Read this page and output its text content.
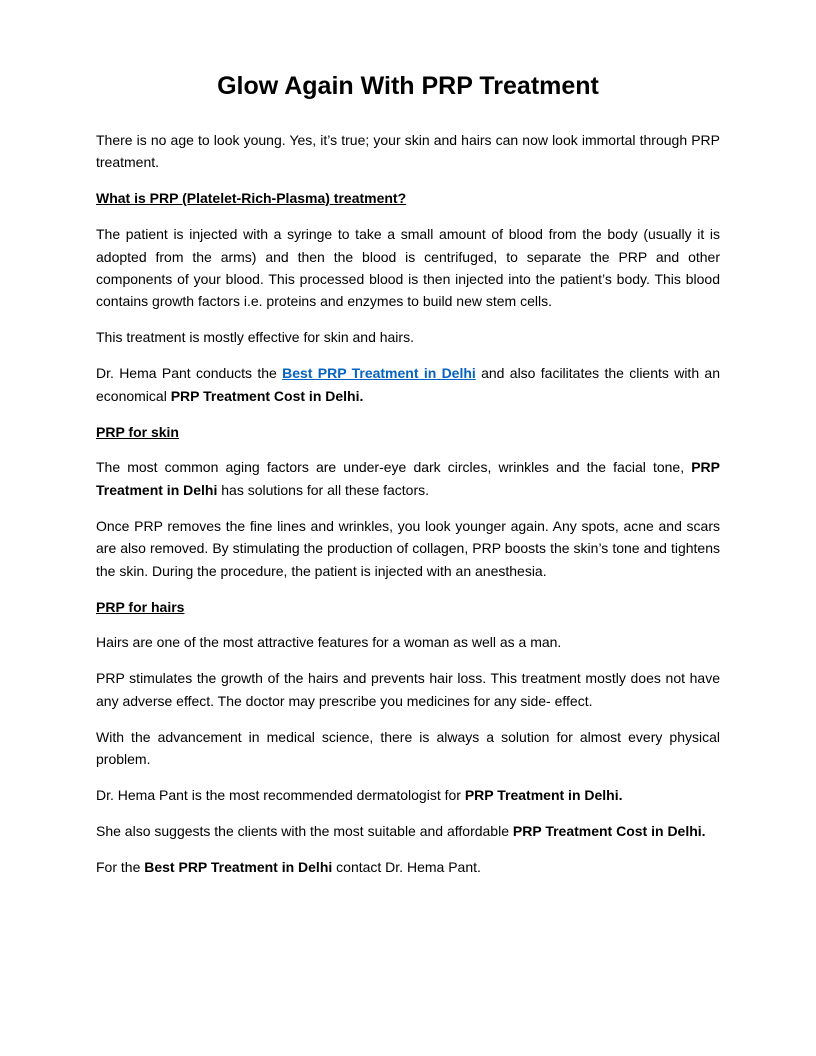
Glow Again With PRP Treatment

There is no age to look young. Yes, it’s true; your skin and hairs can now look immortal through PRP treatment.

What is PRP (Platelet-Rich-Plasma) treatment?

The patient is injected with a syringe to take a small amount of blood from the body (usually it is adopted from the arms) and then the blood is centrifuged, to separate the PRP and other components of your blood. This processed blood is then injected into the patient’s body. This blood contains growth factors i.e. proteins and enzymes to build new stem cells.

This treatment is mostly effective for skin and hairs.

Dr. Hema Pant conducts the Best PRP Treatment in Delhi and also facilitates the clients with an economical PRP Treatment Cost in Delhi.

PRP for skin

The most common aging factors are under-eye dark circles, wrinkles and the facial tone, PRP Treatment in Delhi has solutions for all these factors.

Once PRP removes the fine lines and wrinkles, you look younger again. Any spots, acne and scars are also removed. By stimulating the production of collagen, PRP boosts the skin’s tone and tightens the skin. During the procedure, the patient is injected with an anesthesia.

PRP for hairs

Hairs are one of the most attractive features for a woman as well as a man.

PRP stimulates the growth of the hairs and prevents hair loss. This treatment mostly does not have any adverse effect. The doctor may prescribe you medicines for any side- effect.

With the advancement in medical science, there is always a solution for almost every physical problem.

Dr. Hema Pant is the most recommended dermatologist for PRP Treatment in Delhi.

She also suggests the clients with the most suitable and affordable PRP Treatment Cost in Delhi.

For the Best PRP Treatment in Delhi contact Dr. Hema Pant.
